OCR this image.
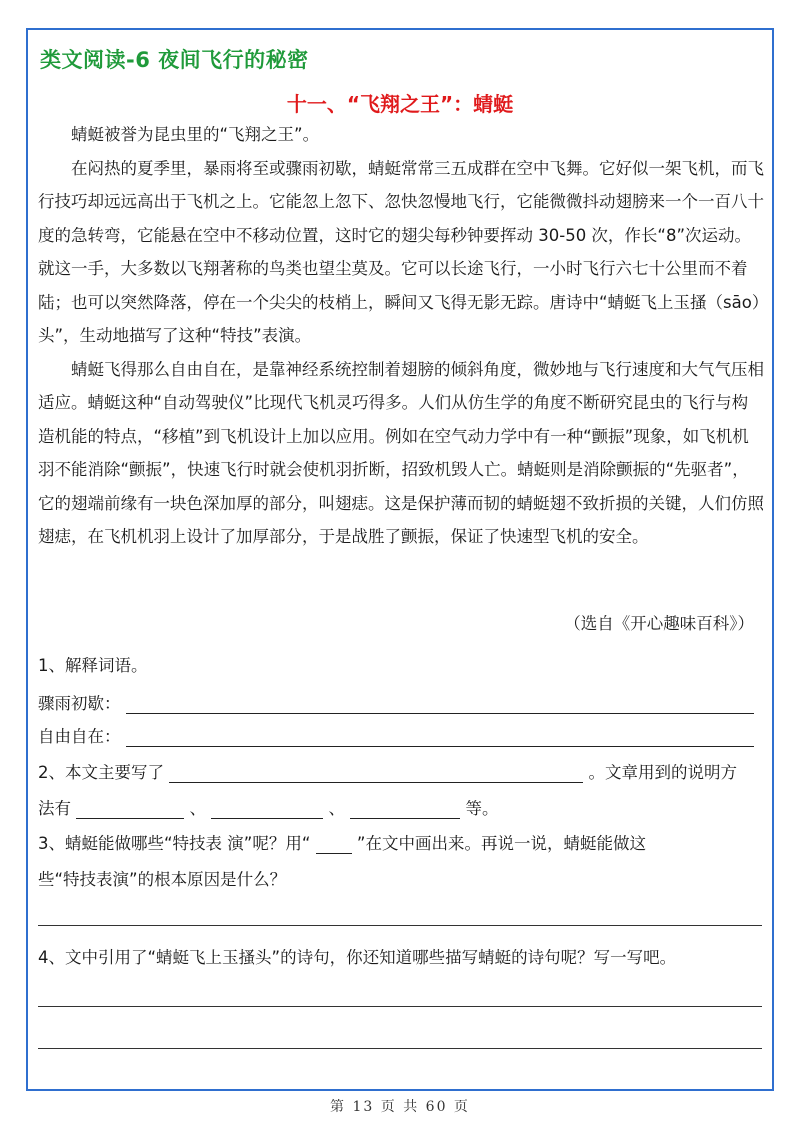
类文阅读-6 夜间飞行的秘密
十一、“飞翔之王”：蜻蜓

蜻蜓被誉为昆虫里的“飞翔之王”。

在闷热的夏季里，暴雨将至或骤雨初歇，蜻蜓常常三五成群在空中飞舞。它好似一架飞机，而飞行技巧却远远高出于飞机之上。它能忽上忽下、忽快忽慢地飞行，它能微微抖动翅膀来一个一百八十度的急转弯，它能悬在空中不移动位置，这时它的翅尖每秒钟要挥动 30-50 次，作长“8”次运动。就这一手，大多数以飞翔著称的鸟类也望尘莫及。它可以长途飞行，一小时飞行六七十公里而不着陆；也可以突然降落，停在一个尖尖的枝梢上，瞬间又飞得无影无踪。唐诗中“蜻蜓飞上玉搔（sāo）头”，生动地描写了这种“特技”表演。

蜻蜓飞得那么自由自在，是靠神经系统控制着翅膀的倾斜角度，微妙地与飞行速度和大气气压相适应。蜻蜓这种“自动驾驶仪”比现代飞机灵巧得多。人们从仿生学的角度不断研究昆虫的飞行与构造机能的特点，“移植”到飞机设计上加以应用。例如在空气动力学中有一种“颤振”现象，如飞机机羽不能消除“颤振”，快速飞行时就会使机羽折断，招致机毁人亡。蜻蜓则是消除颤振的“先驱者”，它的翅端前缘有一块色深加厚的部分，叫翅痣。这是保护薄而韧的蜻蜓翅不致折损的关键，人们仿照翅痣，在飞机机羽上设计了加厚部分，于是战胜了颤振，保证了快速型飞机的安全。

（选自《开心趣味百科》）
1、解释词语。
骤雨初歇：
自由自在：
2、本文主要写了	。文章用到的说明方
法有	、	、	等。
3、蜻蜓能做哪些“特技表 演”呢？用“	”在文中画出来。再说一说，蜻蜓能做这
些“特技表演”的根本原因是什么？
4、文中引用了“蜻蜓飞上玉搔头”的诗句，你还知道哪些描写蜻蜓的诗句呢？写一写吧。
第 13 页 共 60 页
